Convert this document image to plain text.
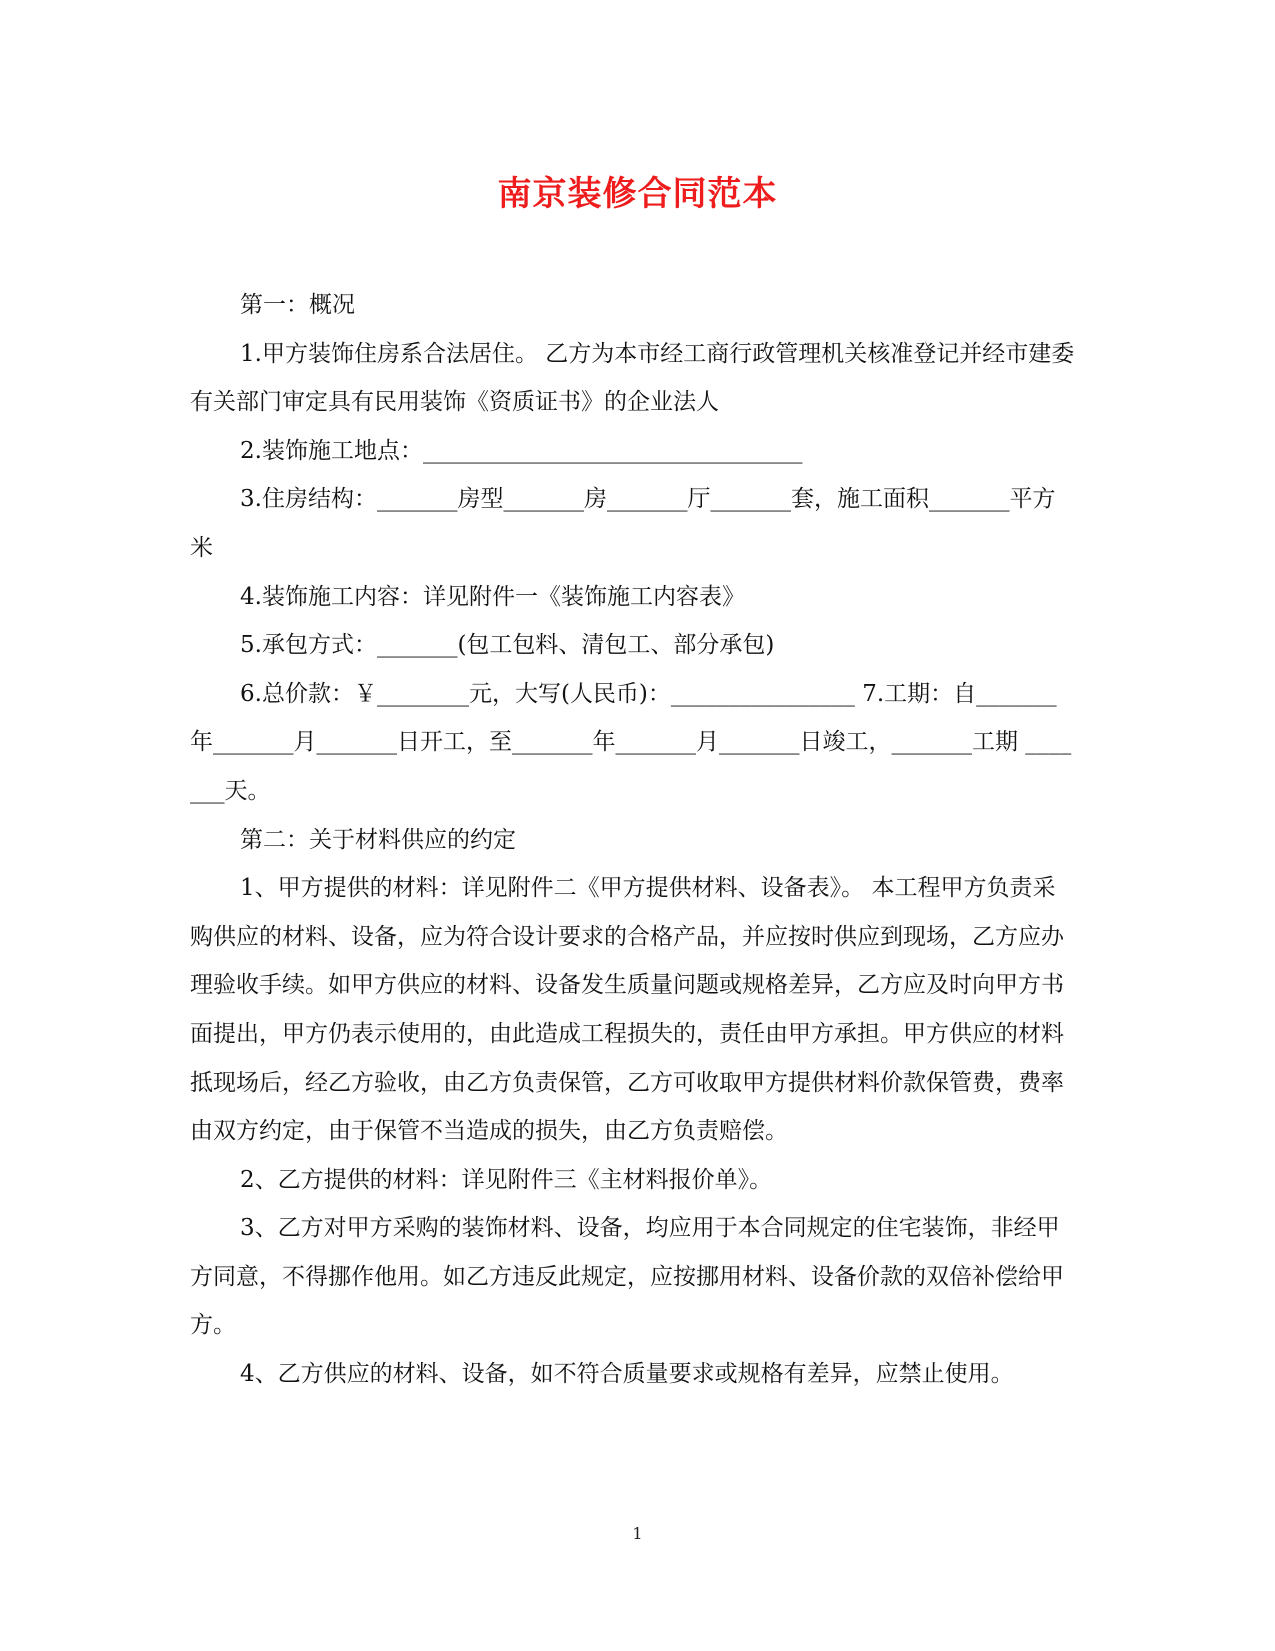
南京装修合同范本

第一：概况

1.甲方装饰住房系合法居住。 乙方为本市经工商行政管理机关核准登记并经市建委有关部门审定具有民用装饰《资质证书》的企业法人

2.装饰施工地点：_________________________________

3.住房结构：_______房型_______房_______厅_______套，施工面积_______平方米

4.装饰施工内容：详见附件一《装饰施工内容表》

5.承包方式：_______(包工包料、清包工、部分承包)

6.总价款：￥________元，大写(人民币)：________________ 7.工期：自_______年_______月_______日开工，至_______年_______月_______日竣工，_______工期 _______天。

第二：关于材料供应的约定

1、甲方提供的材料：详见附件二《甲方提供材料、设备表》。 本工程甲方负责采购供应的材料、设备，应为符合设计要求的合格产品，并应按时供应到现场，乙方应办理验收手续。如甲方供应的材料、设备发生质量问题或规格差异，乙方应及时向甲方书面提出，甲方仍表示使用的，由此造成工程损失的，责任由甲方承担。甲方供应的材料抵现场后，经乙方验收，由乙方负责保管，乙方可收取甲方提供材料价款保管费，费率由双方约定，由于保管不当造成的损失，由乙方负责赔偿。

2、乙方提供的材料：详见附件三《主材料报价单》。

3、乙方对甲方采购的装饰材料、设备，均应用于本合同规定的住宅装饰，非经甲方同意，不得挪作他用。如乙方违反此规定，应按挪用材料、设备价款的双倍补偿给甲方。

4、乙方供应的材料、设备，如不符合质量要求或规格有差异，应禁止使用。

1
